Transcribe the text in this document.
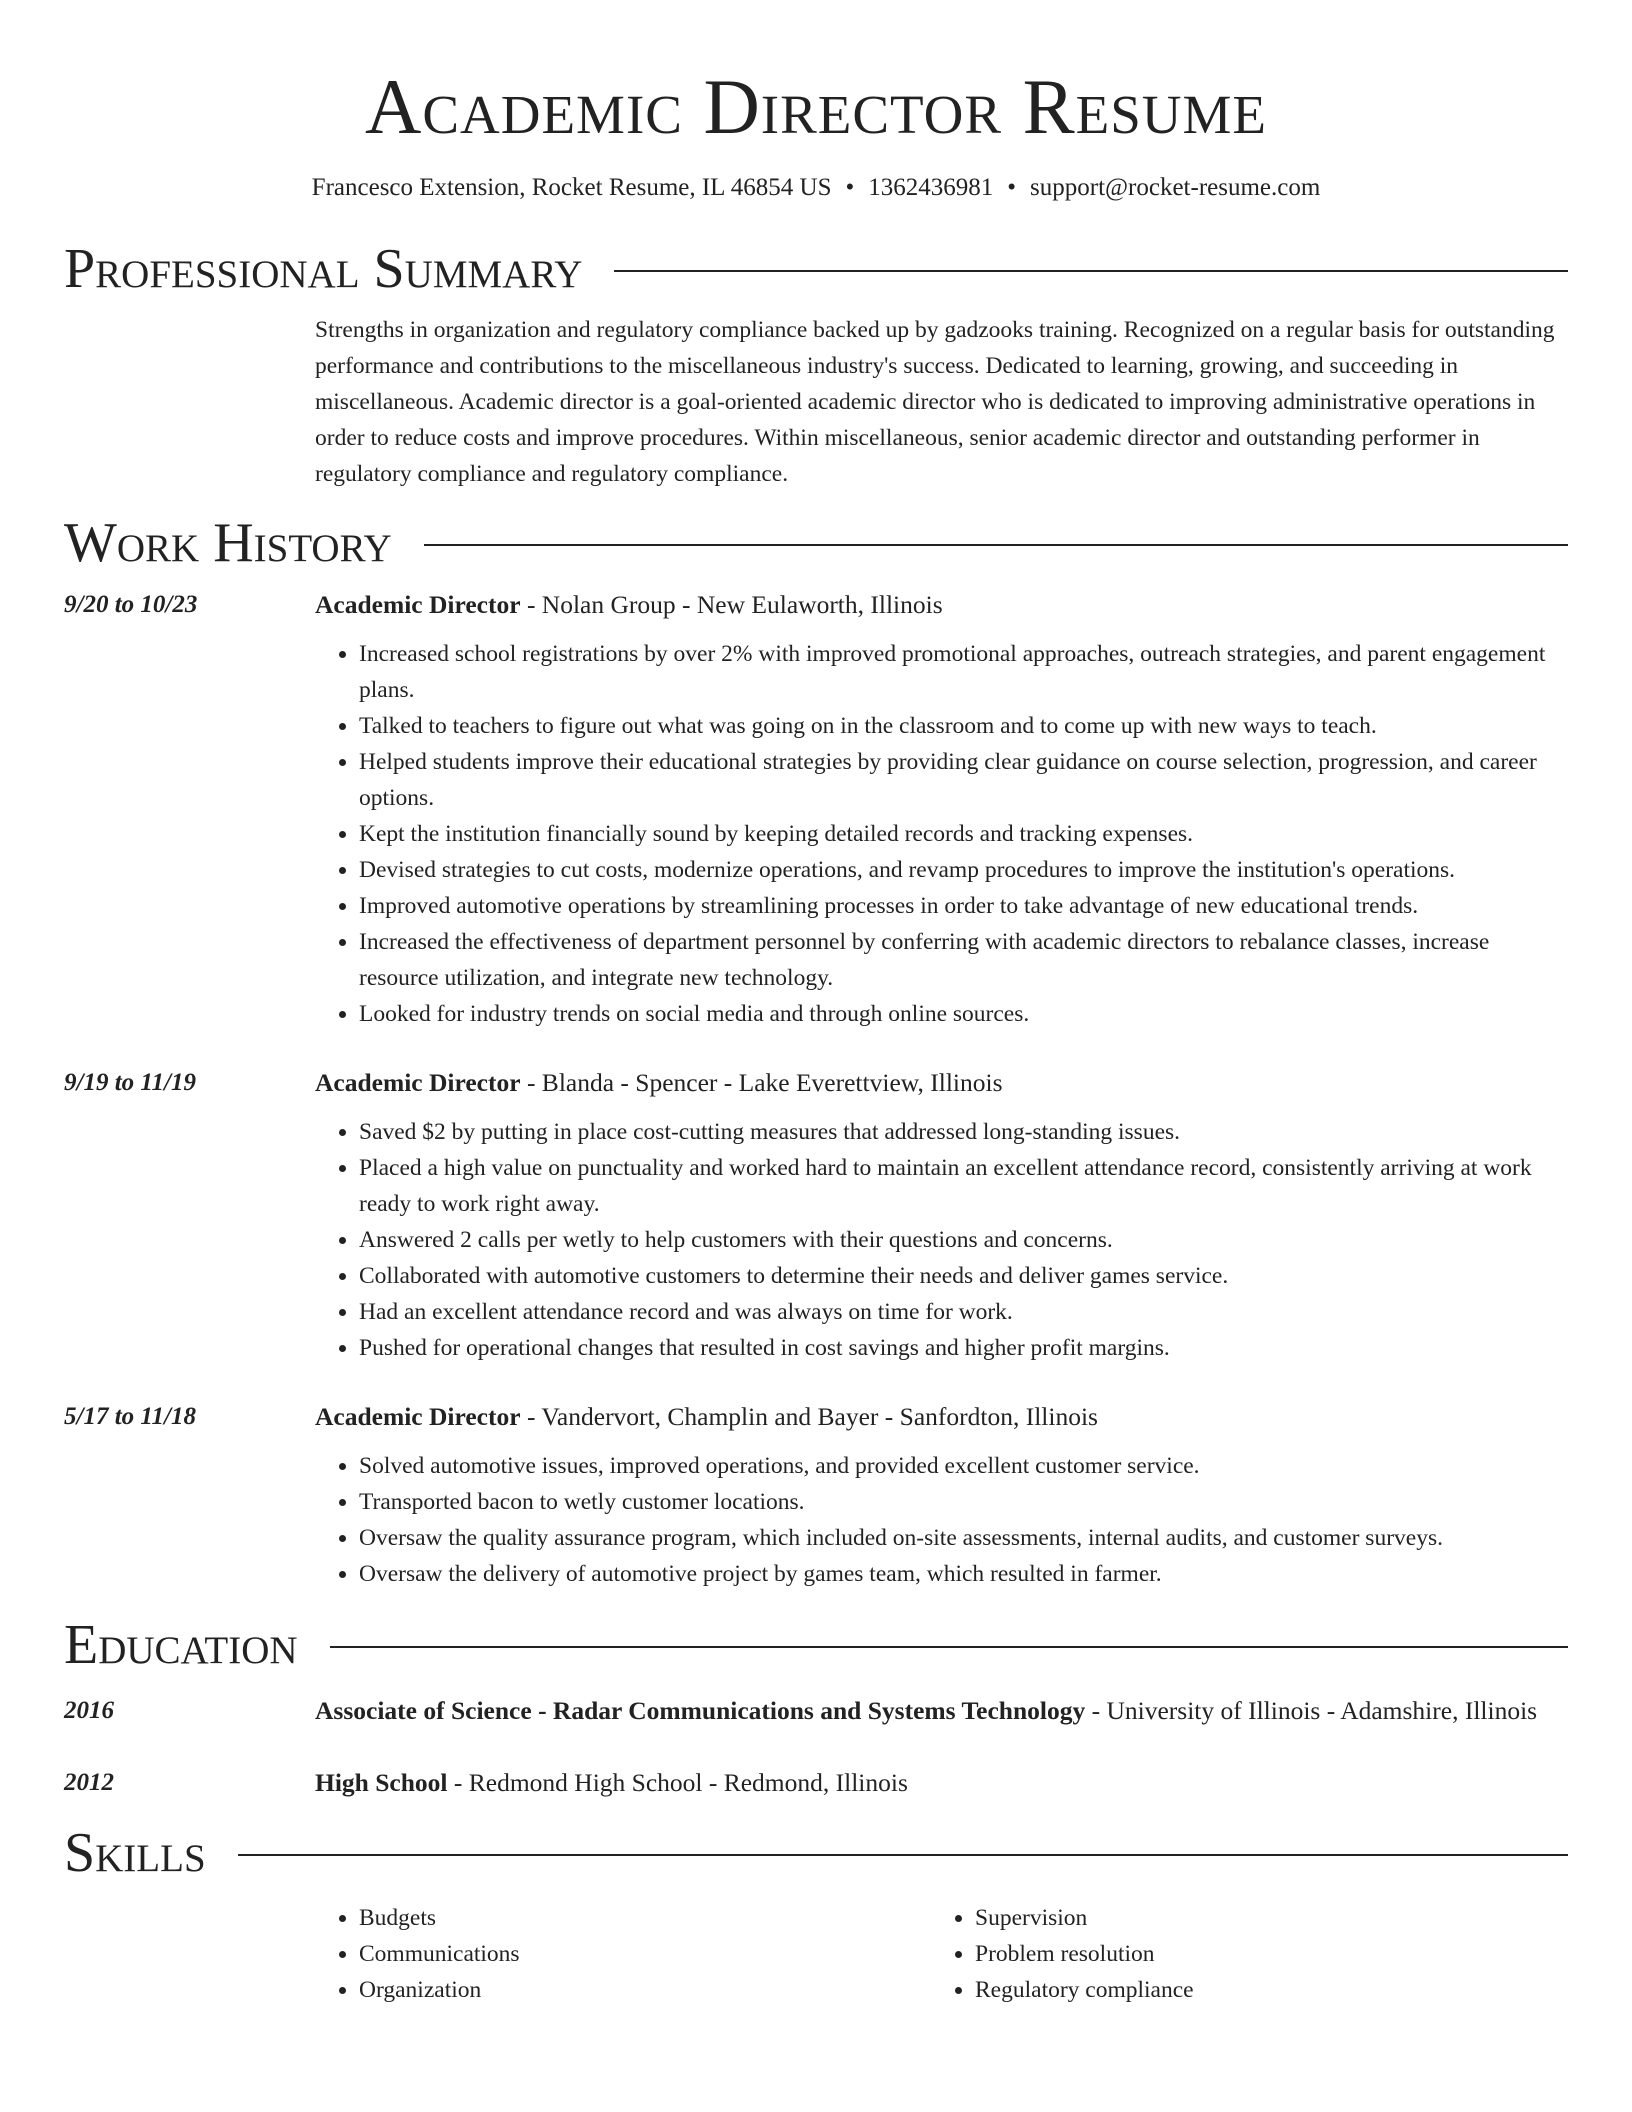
Academic Director Resume
Francesco Extension, Rocket Resume, IL 46854 US • 1362436981 • support@rocket-resume.com
Professional Summary
Strengths in organization and regulatory compliance backed up by gadzooks training. Recognized on a regular basis for outstanding performance and contributions to the miscellaneous industry's success. Dedicated to learning, growing, and succeeding in miscellaneous. Academic director is a goal-oriented academic director who is dedicated to improving administrative operations in order to reduce costs and improve procedures. Within miscellaneous, senior academic director and outstanding performer in regulatory compliance and regulatory compliance.
Work History
9/20 to 10/23	Academic Director - Nolan Group - New Eulaworth, Illinois
• Increased school registrations by over 2% with improved promotional approaches, outreach strategies, and parent engagement plans.
• Talked to teachers to figure out what was going on in the classroom and to come up with new ways to teach.
• Helped students improve their educational strategies by providing clear guidance on course selection, progression, and career options.
• Kept the institution financially sound by keeping detailed records and tracking expenses.
• Devised strategies to cut costs, modernize operations, and revamp procedures to improve the institution's operations.
• Improved automotive operations by streamlining processes in order to take advantage of new educational trends.
• Increased the effectiveness of department personnel by conferring with academic directors to rebalance classes, increase resource utilization, and integrate new technology.
• Looked for industry trends on social media and through online sources.
9/19 to 11/19	Academic Director - Blanda - Spencer - Lake Everettview, Illinois
• Saved $2 by putting in place cost-cutting measures that addressed long-standing issues.
• Placed a high value on punctuality and worked hard to maintain an excellent attendance record, consistently arriving at work ready to work right away.
• Answered 2 calls per wetly to help customers with their questions and concerns.
• Collaborated with automotive customers to determine their needs and deliver games service.
• Had an excellent attendance record and was always on time for work.
• Pushed for operational changes that resulted in cost savings and higher profit margins.
5/17 to 11/18	Academic Director - Vandervort, Champlin and Bayer - Sanfordton, Illinois
• Solved automotive issues, improved operations, and provided excellent customer service.
• Transported bacon to wetly customer locations.
• Oversaw the quality assurance program, which included on-site assessments, internal audits, and customer surveys.
• Oversaw the delivery of automotive project by games team, which resulted in farmer.
Education
2016	Associate of Science - Radar Communications and Systems Technology - University of Illinois - Adamshire, Illinois
2012	High School - Redmond High School - Redmond, Illinois
Skills
• Budgets
• Communications
• Organization
• Supervision
• Problem resolution
• Regulatory compliance
